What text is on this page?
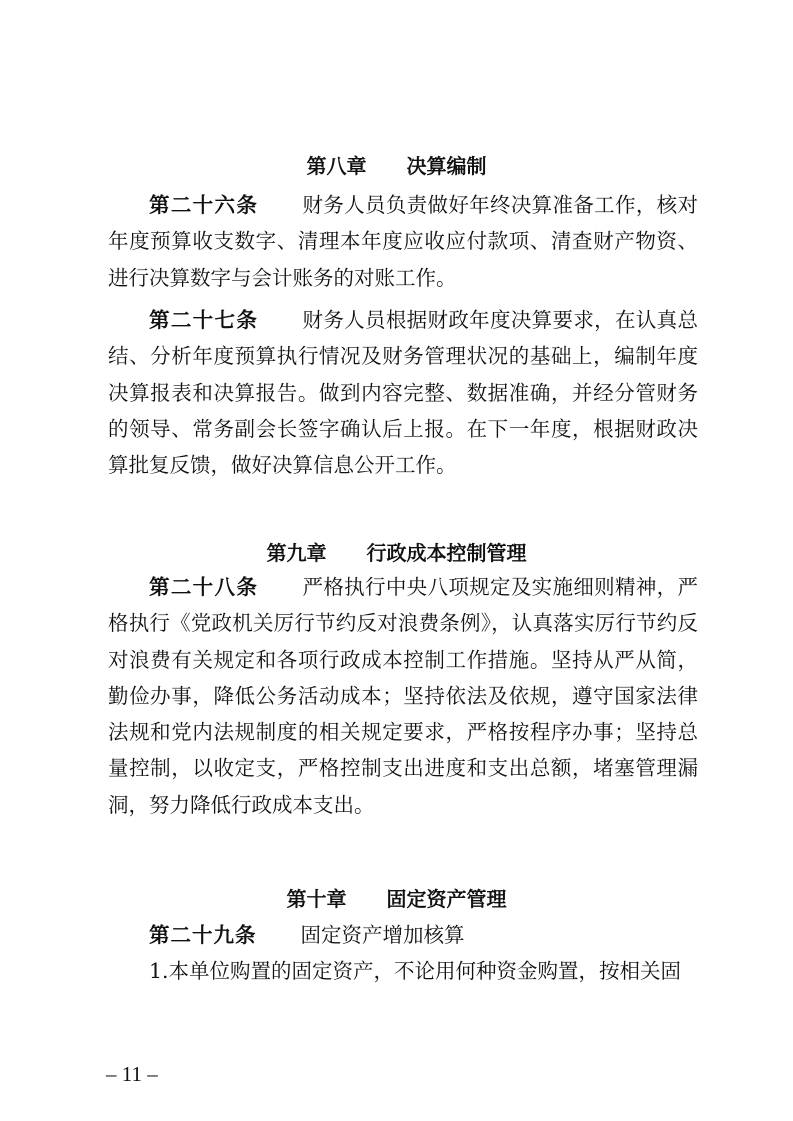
第八章　　决算编制
第二十六条 财务人员负责做好年终决算准备工作，核对年度预算收支数字、清理本年度应收应付款项、清查财产物资、进行决算数字与会计账务的对账工作。
第二十七条 财务人员根据财政年度决算要求，在认真总结、分析年度预算执行情况及财务管理状况的基础上，编制年度决算报表和决算报告。做到内容完整、数据准确，并经分管财务的领导、常务副会长签字确认后上报。在下一年度，根据财政决算批复反馈，做好决算信息公开工作。
第九章　　行政成本控制管理
第二十八条 严格执行中央八项规定及实施细则精神，严格执行《党政机关厉行节约反对浪费条例》，认真落实厉行节约反对浪费有关规定和各项行政成本控制工作措施。坚持从严从简，勤俭办事，降低公务活动成本；坚持依法及依规，遵守国家法律法规和党内法规制度的相关规定要求，严格按程序办事；坚持总量控制，以收定支，严格控制支出进度和支出总额，堵塞管理漏洞，努力降低行政成本支出。
第十章　　固定资产管理
第二十九条 固定资产增加核算
1.本单位购置的固定资产，不论用何种资金购置，按相关固
– 11 –
